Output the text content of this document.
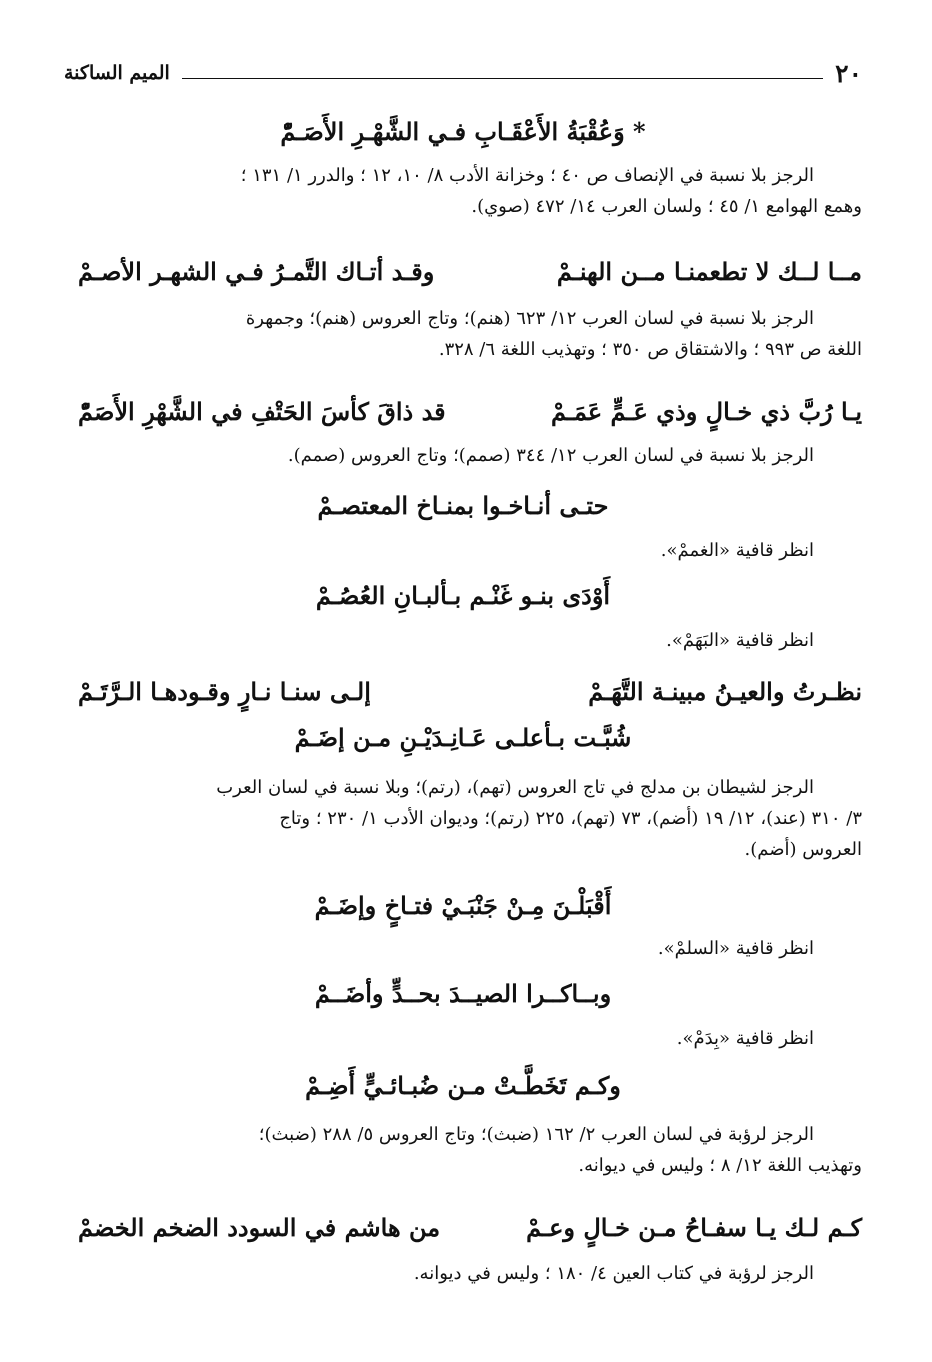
٢٠
الميم الساكنة
* وَعُقْبَةُ الأَعْقَـابِ فـي الشَّهْـرِ الأَصَـمّْ
الرجز بلا نسبة في الإنصاف ص ٤٠ ؛ وخزانة الأدب ٨/ ١٠، ١٢ ؛ والدرر ١/ ١٣١ ؛
وهمع الهوامع ١/ ٤٥ ؛ ولسان العرب ١٤/ ٤٧٢ (صوي).
مــا لــك لا تطعمنـا مــن الهنـمْ
وقـد أتـاك التَّمـرُ فـي الشهـر الأصـمْ
الرجز بلا نسبة في لسان العرب ١٢/ ٦٢٣ (هنم)؛ وتاج العروس (هنم)؛ وجمهرة
اللغة ص ٩٩٣ ؛ والاشتقاق ص ٣٥٠ ؛ وتهذيب اللغة ٦/ ٣٢٨.
يـا رُبَّ ذي خـالٍ وذي عَـمٍّ عَمَـمْ
قد ذاقَ كأسَ الحَتْفِ في الشَّهْرِ الأَصَمّْ
الرجز بلا نسبة في لسان العرب ١٢/ ٣٤٤ (صمم)؛ وتاج العروس (صمم).
حتـى أنـاخـوا بمنـاخ المعتصـمْ
انظر قافية «الغممْ».
أَوْدَى بنـو غَنْـم بـألبـانِ العُصُـمْ
انظر قافية «البَهَمْ».
نظـرتُ والعيـنُ مبينـة التَّهَـمْ
إلـى سنـا نـارٍ وقـودهـا الـرَّتَـمْ
شُبَّـت بـأعلـى عَـانِـدَيْـنِ مـن إضَـمْ
الرجز لشيطان بن مدلج في تاج العروس (تهم)، (رتم)؛ وبلا نسبة في لسان العرب
٣/ ٣١٠ (عند)، ١٢/ ١٩ (أضم)، ٧٣ (تهم)، ٢٢٥ (رتم)؛ وديوان الأدب ١/ ٢٣٠ ؛ وتاج
العروس (أضم).
أَقْبَلْـنَ مِـنْ جَنْبَـيْ فتـاخٍ وإضَـمْ
انظر قافية «السلمْ».
وبــاكــرا الصيــدَ بحــدٍّ وأضَــمْ
انظر قافية «بِدَمْ».
وكـم تَخَطَّـتْ مـن ضُبـائـيٍّ أَضِـمْ
الرجز لرؤبة في لسان العرب ٢/ ١٦٢ (ضبث)؛ وتاج العروس ٥/ ٢٨٨ (ضبث)؛
وتهذيب اللغة ١٢/ ٨ ؛ وليس في ديوانه.
كـم لـك يـا سفـاحُ مـن خـالٍ وعـمْ
من هاشم في السودد الضخم الخضمْ
الرجز لرؤبة في كتاب العين ٤/ ١٨٠ ؛ وليس في ديوانه.
